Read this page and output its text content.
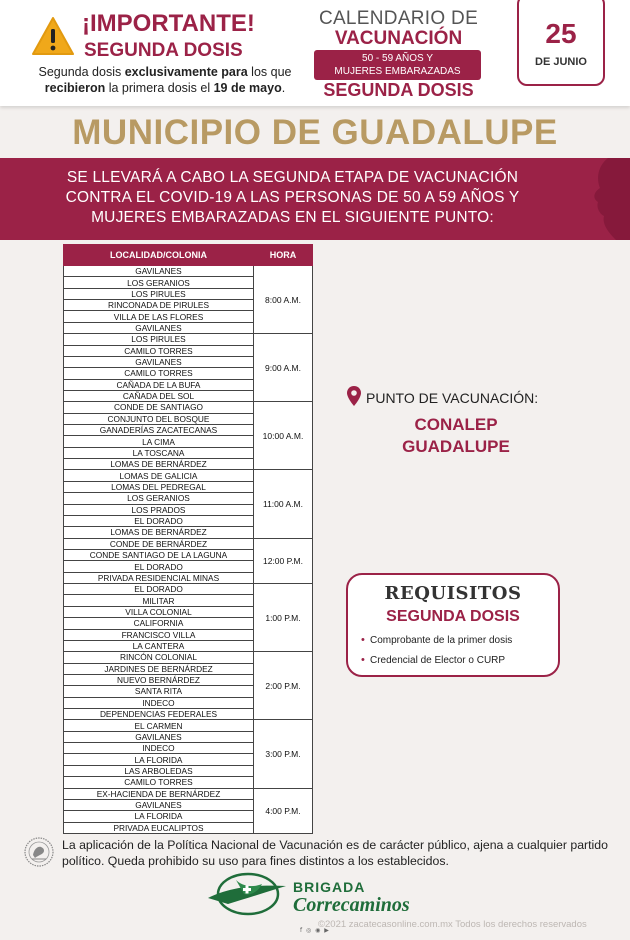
¡IMPORTANTE!
SEGUNDA DOSIS
Segunda dosis exclusivamente para los que recibieron la primera dosis el 19 de mayo.
CALENDARIO DE
VACUNACIÓN
50 - 59 AÑOS Y
MUJERES EMBARAZADAS
SEGUNDA DOSIS
25
DE JUNIO
MUNICIPIO DE GUADALUPE
SE LLEVARÁ A CABO LA SEGUNDA ETAPA DE VACUNACIÓN
CONTRA EL COVID-19 A LAS PERSONAS DE 50 A 59 AÑOS Y
MUJERES EMBARAZADAS EN EL SIGUIENTE PUNTO:
LOCALIDAD/COLONIA	HORA
GAVILANES	8:00 A.M.
LOS GERANIOS	
LOS PIRULES	
RINCONADA DE PIRULES	
VILLA DE LAS FLORES	
GAVILANES	
LOS PIRULES	9:00 A.M.
CAMILO TORRES	
GAVILANES	
CAMILO TORRES	
CAÑADA DE LA BUFA	
CAÑADA DEL SOL	
CONDE DE SANTIAGO	10:00 A.M.
CONJUNTO DEL BOSQUE	
GANADERÍAS ZACATECANAS	
LA CIMA	
LA TOSCANA	
LOMAS DE BERNÁRDEZ	
LOMAS DE GALICIA	11:00 A.M.
LOMAS DEL PEDREGAL	
LOS GERANIOS	
LOS PRADOS	
EL DORADO	
LOMAS DE BERNÁRDEZ	
CONDE DE BERNÁRDEZ	12:00 P.M.
CONDE SANTIAGO DE LA LAGUNA	
EL DORADO	
PRIVADA RESIDENCIAL MINAS	
EL DORADO	1:00 P.M.
MILITAR	
VILLA COLONIAL	
CALIFORNIA	
FRANCISCO VILLA	
LA CANTERA	
RINCÓN COLONIAL	2:00 P.M.
JARDINES DE BERNÁRDEZ	
NUEVO BERNÁRDEZ	
SANTA RITA	
INDECO	
DEPENDENCIAS FEDERALES	
EL CARMEN	3:00 P.M.
GAVILANES	
INDECO	
LA FLORIDA	
LAS ARBOLEDAS	
CAMILO TORRES	
EX-HACIENDA DE BERNÁRDEZ	4:00 P.M.
GAVILANES	
LA FLORIDA	
PRIVADA EUCALIPTOS	
PUNTO DE VACUNACIÓN:
CONALEP
GUADALUPE
REQUISITOS
SEGUNDA DOSIS
• Comprobante de la primer dosis
• Credencial de Elector o CURP
La aplicación de la Política Nacional de Vacunación es de carácter público, ajena a cualquier partido político. Queda prohibido su uso para fines distintos a los establecidos.
BRIGADA
Correcaminos
©2021 zacatecasonline.com.mx Todos los derechos reservados
f ◎ ◉ ▶
